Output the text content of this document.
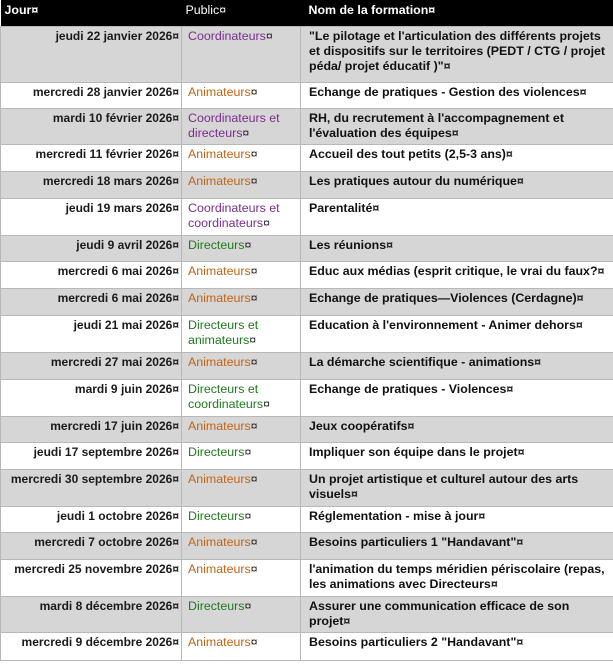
Jour¤	Public¤	Nom de la formation¤
jeudi 22 janvier 2026¤	Coordinateurs¤	"Le pilotage et l'articulation des différents projets et dispositifs sur le territoires (PEDT / CTG / projet péda/ projet éducatif )"¤
mercredi 28 janvier 2026¤	Animateurs¤	Echange de pratiques - Gestion des violences¤
mardi 10 février 2026¤	Coordinateurs et directeurs¤	RH, du recrutement à l'accompagnement et l'évaluation des équipes¤
mercredi 11 février 2026¤	Animateurs¤	Accueil des tout petits (2,5-3 ans)¤
mercredi 18 mars 2026¤	Animateurs¤	Les pratiques autour du numérique¤
jeudi 19 mars 2026¤	Coordinateurs et coordinateurs¤	Parentalité¤
jeudi 9 avril 2026¤	Directeurs¤	Les réunions¤
mercredi 6 mai 2026¤	Animateurs¤	Educ aux médias (esprit critique, le vrai du faux?¤
mercredi 6 mai 2026¤	Animateurs¤	Echange de pratiques—Violences (Cerdagne)¤
jeudi 21 mai 2026¤	Directeurs et animateurs¤	Education à l'environnement - Animer dehors¤
mercredi 27 mai 2026¤	Animateurs¤	La démarche scientifique - animations¤
mardi 9 juin 2026¤	Directeurs et coordinateurs¤	Echange de pratiques - Violences¤
mercredi 17 juin 2026¤	Animateurs¤	Jeux coopératifs¤
jeudi 17 septembre 2026¤	Directeurs¤	Impliquer son équipe dans le projet¤
mercredi 30 septembre 2026¤	Animateurs¤	Un projet artistique et culturel autour des arts visuels¤
jeudi 1 octobre 2026¤	Directeurs¤	Réglementation - mise à jour¤
mercredi 7 octobre 2026¤	Animateurs¤	Besoins particuliers 1 "Handavant"¤
mercredi 25 novembre 2026¤	Animateurs¤	l'animation du temps méridien périscolaire (repas, les animations avec Directeurs¤
mardi 8 décembre 2026¤	Directeurs¤	Assurer une communication efficace de son projet¤
mercredi 9 décembre 2026¤	Animateurs¤	Besoins particuliers 2 "Handavant"¤
